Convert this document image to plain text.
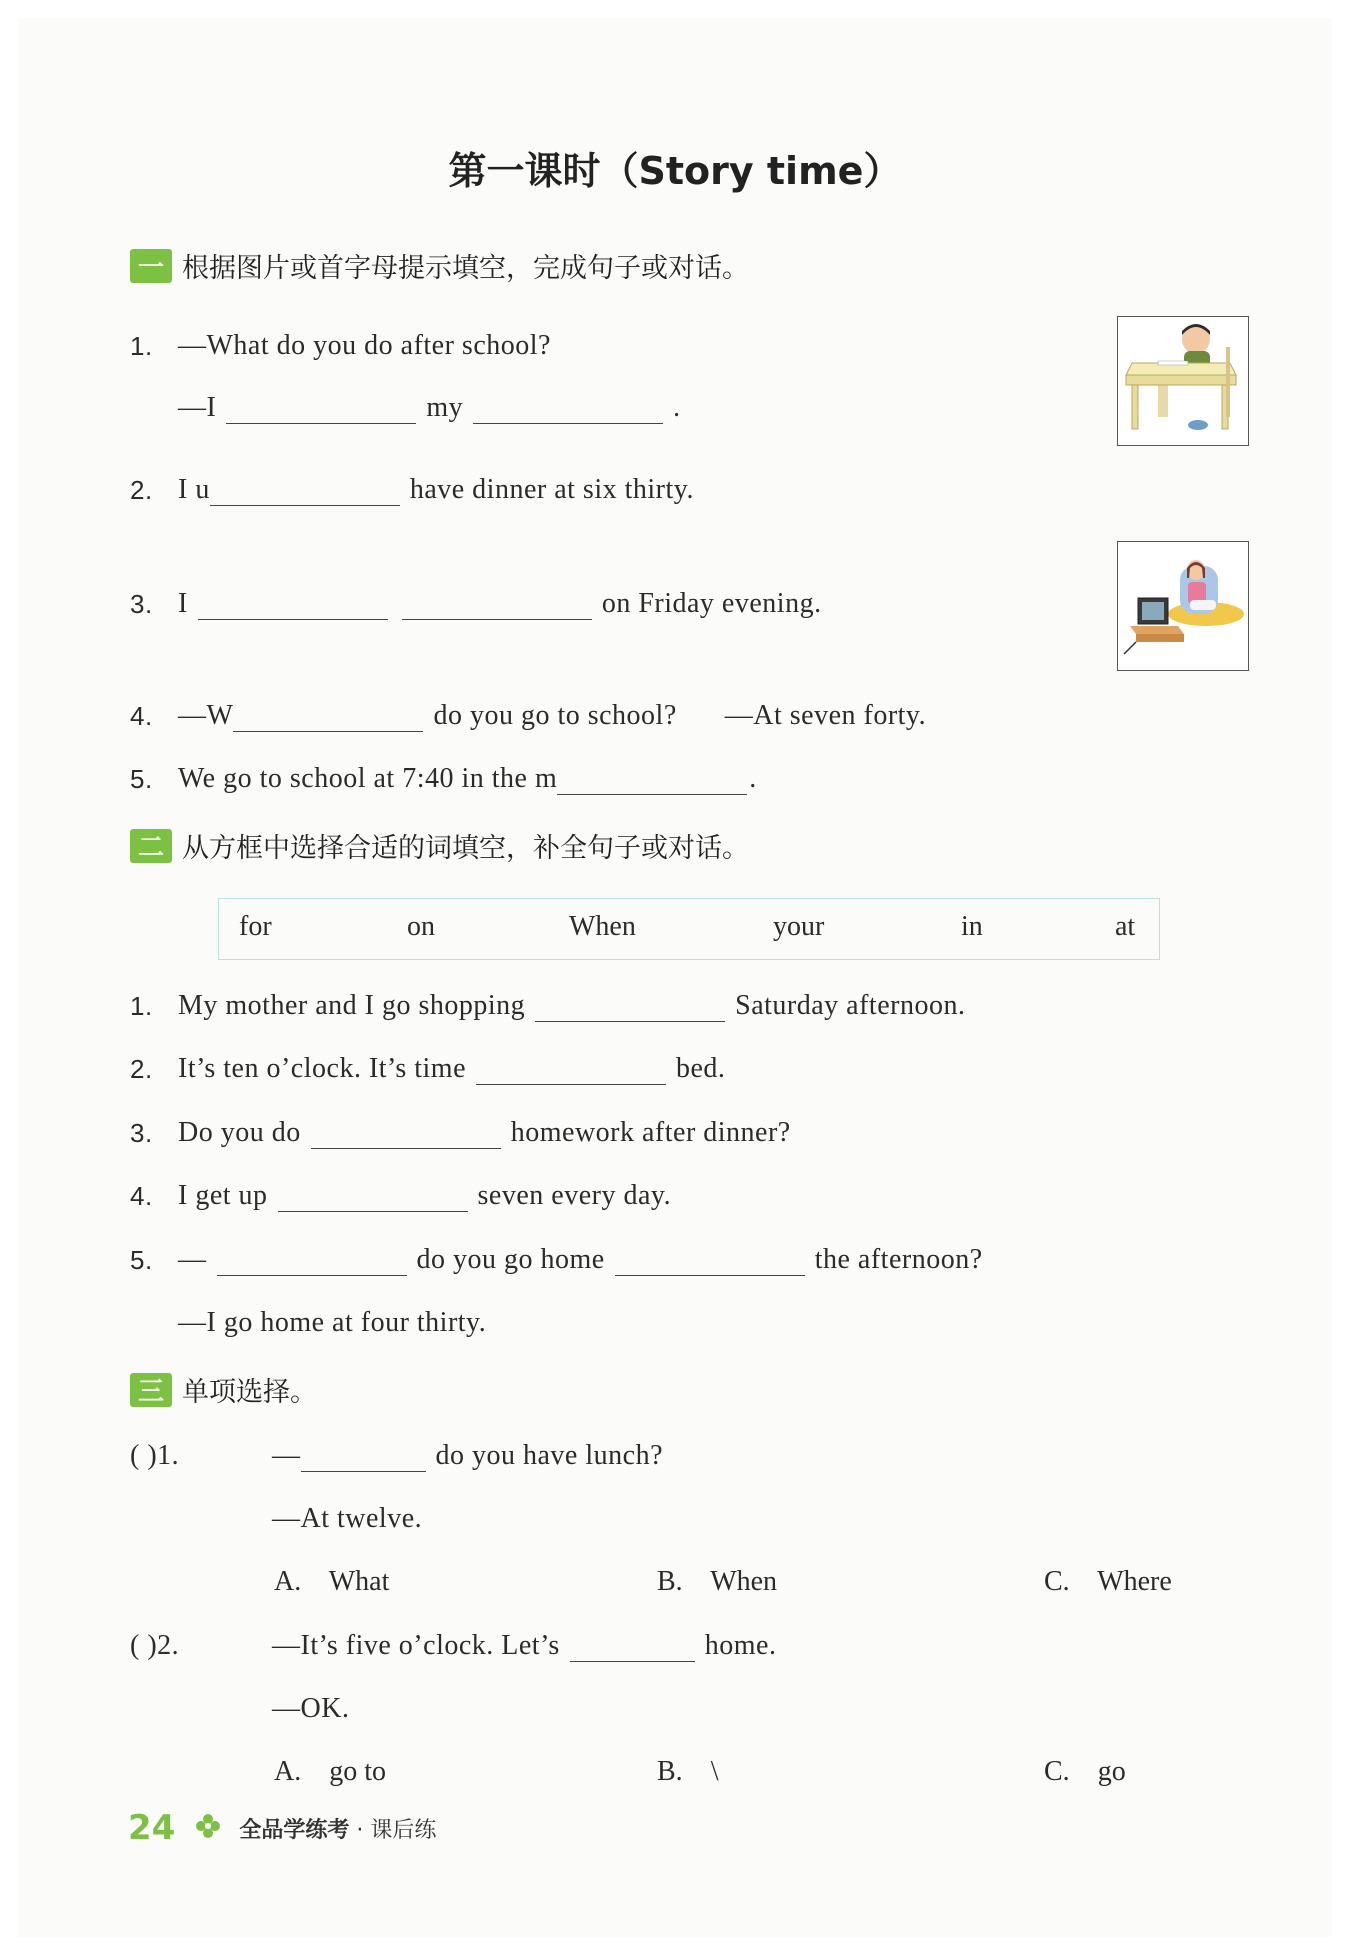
第一课时（Story time）
一 根据图片或首字母提示填空，完成句子或对话。
1. —What do you do after school?
—I	my	.
2. I u	have dinner at six thirty.
3. I	on Friday evening.
4. —W	do you go to school? —At seven forty.
5. We go to school at 7:40 in the m	.
二 从方框中选择合适的词填空，补全句子或对话。
for	on	When	your	in	at
1. My mother and I go shopping	Saturday afternoon.
2. It’s ten o’clock. It’s time	bed.
3. Do you do	homework after dinner?
4. I get up	seven every day.
5. —	do you go home	the afternoon?
—I go home at four thirty.
三 单项选择。
( )1.	—	do you have lunch?
—At twelve.
A. What	B. When	C. Where
( )2.	—It’s five o’clock. Let’s	home.
—OK.
A. go to	B. \	C. go
24	全品学练考 · 课后练
